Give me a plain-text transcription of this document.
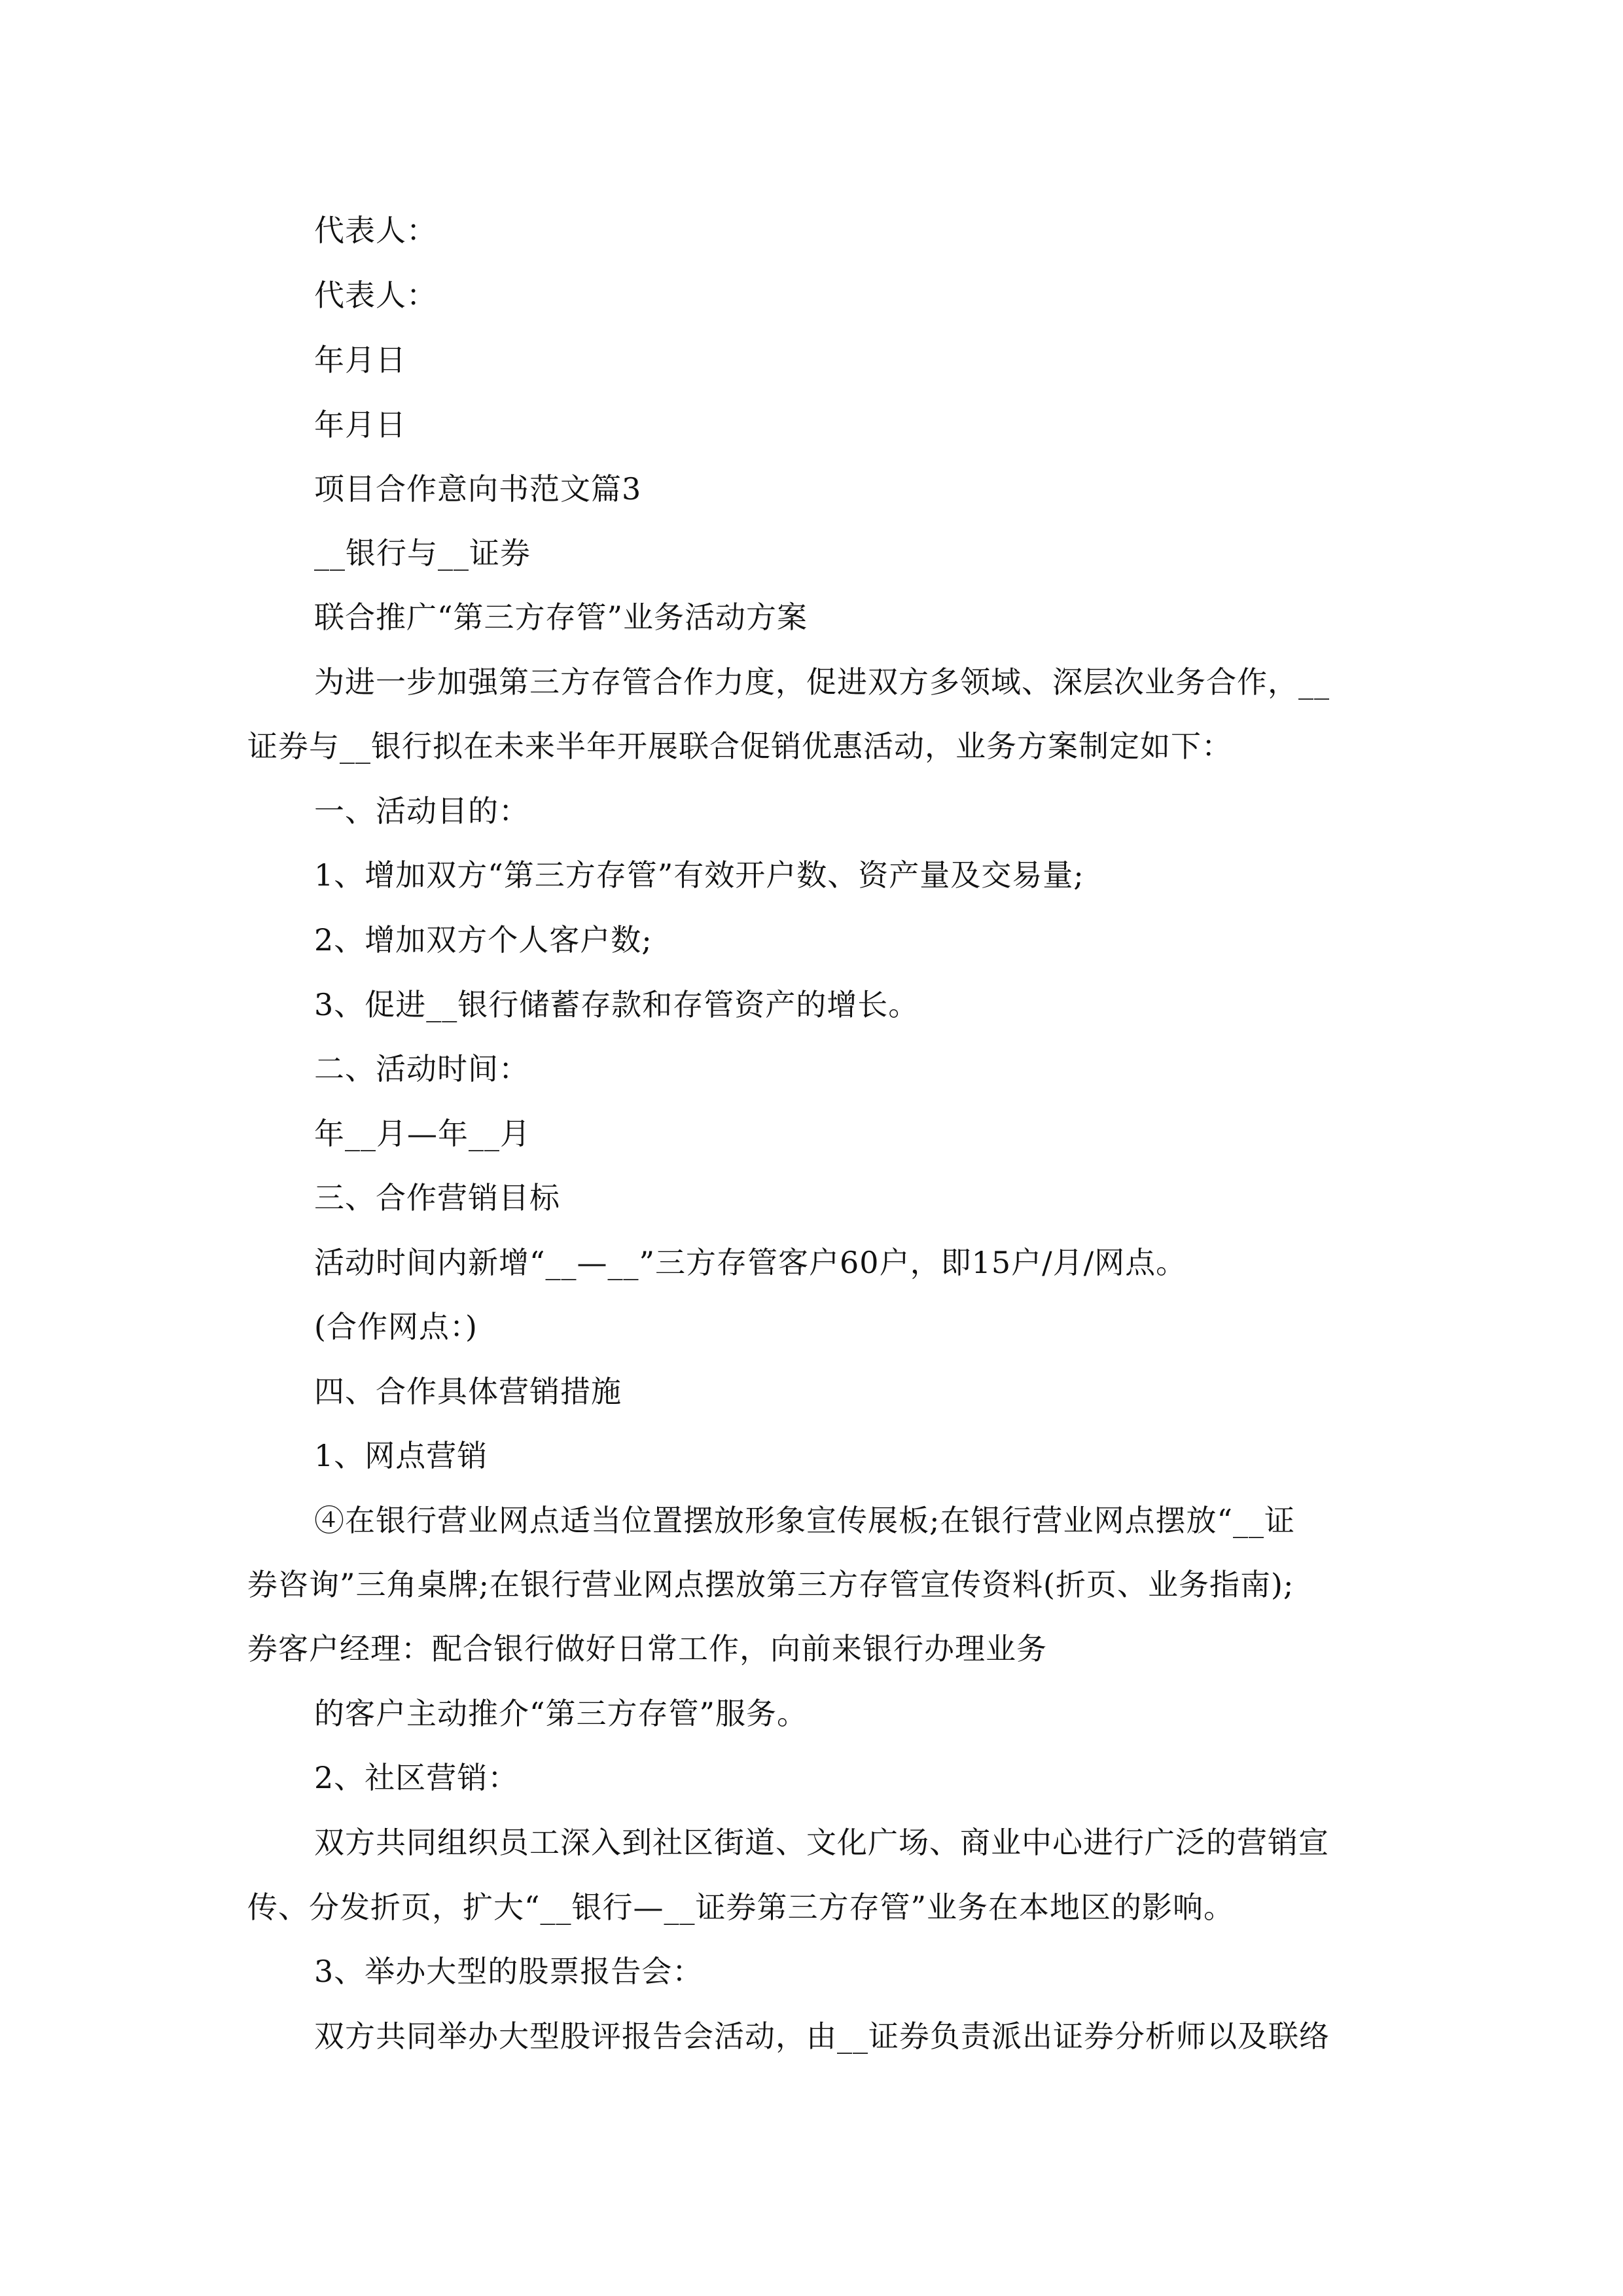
代表人：
代表人：
年月日
年月日
项目合作意向书范文篇3
__银行与__证券
联合推广“第三方存管”业务活动方案
为进一步加强第三方存管合作力度，促进双方多领域、深层次业务合作，__
证券与__银行拟在未来半年开展联合促销优惠活动，业务方案制定如下：
一、活动目的：
1、增加双方“第三方存管”有效开户数、资产量及交易量;
2、增加双方个人客户数;
3、促进__银行储蓄存款和存管资产的增长。
二、活动时间：
年__月—年__月
三、合作营销目标
活动时间内新增“__—__”三方存管客户60户，即15户/月/网点。
(合作网点：)
四、合作具体营销措施
1、网点营销
④在银行营业网点适当位置摆放形象宣传展板;在银行营业网点摆放“__证
券咨询”三角桌牌;在银行营业网点摆放第三方存管宣传资料(折页、业务指南);
券客户经理：配合银行做好日常工作，向前来银行办理业务
的客户主动推介“第三方存管”服务。
2、社区营销：
双方共同组织员工深入到社区街道、文化广场、商业中心进行广泛的营销宣
传、分发折页，扩大“__银行—__证券第三方存管”业务在本地区的影响。
3、举办大型的股票报告会：
双方共同举办大型股评报告会活动，由__证券负责派出证券分析师以及联络
